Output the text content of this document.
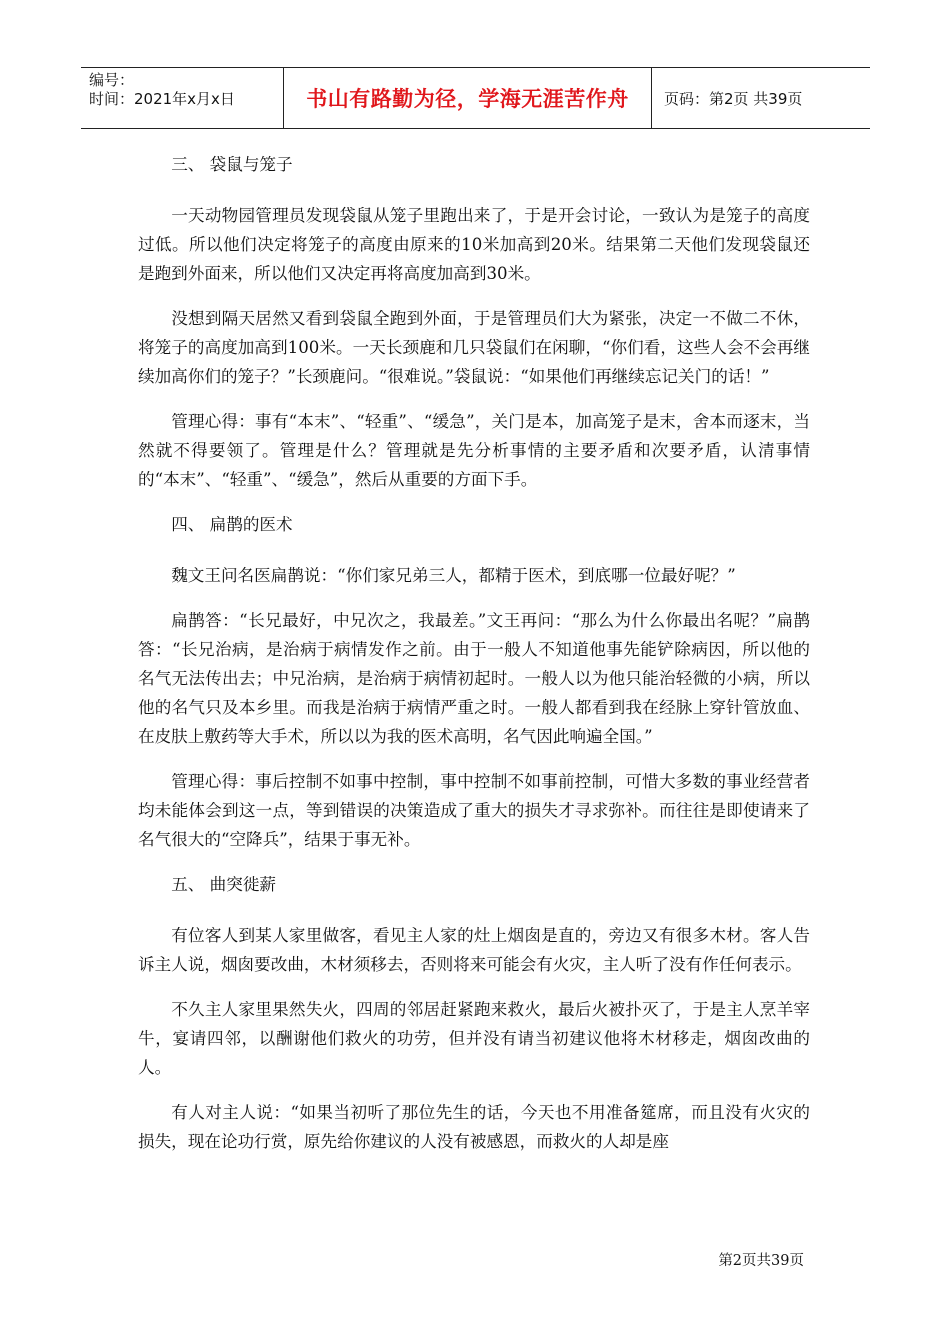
编号：
时间：2021年x月x日	书山有路勤为径，学海无涯苦作舟 页码：第2页 共39页

三、 袋鼠与笼子

一天动物园管理员发现袋鼠从笼子里跑出来了，于是开会讨论，一致认为是笼子的高度过低。所以他们决定将笼子的高度由原来的10米加高到20米。结果第二天他们发现袋鼠还是跑到外面来，所以他们又决定再将高度加高到30米。

没想到隔天居然又看到袋鼠全跑到外面，于是管理员们大为紧张，决定一不做二不休，将笼子的高度加高到100米。一天长颈鹿和几只袋鼠们在闲聊，“你们看，这些人会不会再继续加高你们的笼子？”长颈鹿问。“很难说。”袋鼠说：“如果他们再继续忘记关门的话！”

管理心得：事有“本末”、“轻重”、“缓急”，关门是本，加高笼子是末，舍本而逐末，当然就不得要领了。管理是什么？管理就是先分析事情的主要矛盾和次要矛盾，认清事情的“本末”、“轻重”、“缓急”，然后从重要的方面下手。

四、 扁鹊的医术

魏文王问名医扁鹊说：“你们家兄弟三人，都精于医术，到底哪一位最好呢？”

扁鹊答：“长兄最好，中兄次之，我最差。”文王再问：“那么为什么你最出名呢？”扁鹊答：“长兄治病，是治病于病情发作之前。由于一般人不知道他事先能铲除病因，所以他的名气无法传出去；中兄治病，是治病于病情初起时。一般人以为他只能治轻微的小病，所以他的名气只及本乡里。而我是治病于病情严重之时。一般人都看到我在经脉上穿针管放血、在皮肤上敷药等大手术，所以以为我的医术高明，名气因此响遍全国。”

管理心得：事后控制不如事中控制，事中控制不如事前控制，可惜大多数的事业经营者均未能体会到这一点，等到错误的决策造成了重大的损失才寻求弥补。而往往是即使请来了名气很大的“空降兵”，结果于事无补。

五、 曲突徙薪

有位客人到某人家里做客，看见主人家的灶上烟囱是直的，旁边又有很多木材。客人告诉主人说，烟囱要改曲，木材须移去，否则将来可能会有火灾，主人听了没有作任何表示。

不久主人家里果然失火，四周的邻居赶紧跑来救火，最后火被扑灭了，于是主人烹羊宰牛，宴请四邻，以酬谢他们救火的功劳，但并没有请当初建议他将木材移走，烟囱改曲的人。

有人对主人说：“如果当初听了那位先生的话，今天也不用准备筵席，而且没有火灾的损失，现在论功行赏，原先给你建议的人没有被感恩，而救火的人却是座

第2页共39页
